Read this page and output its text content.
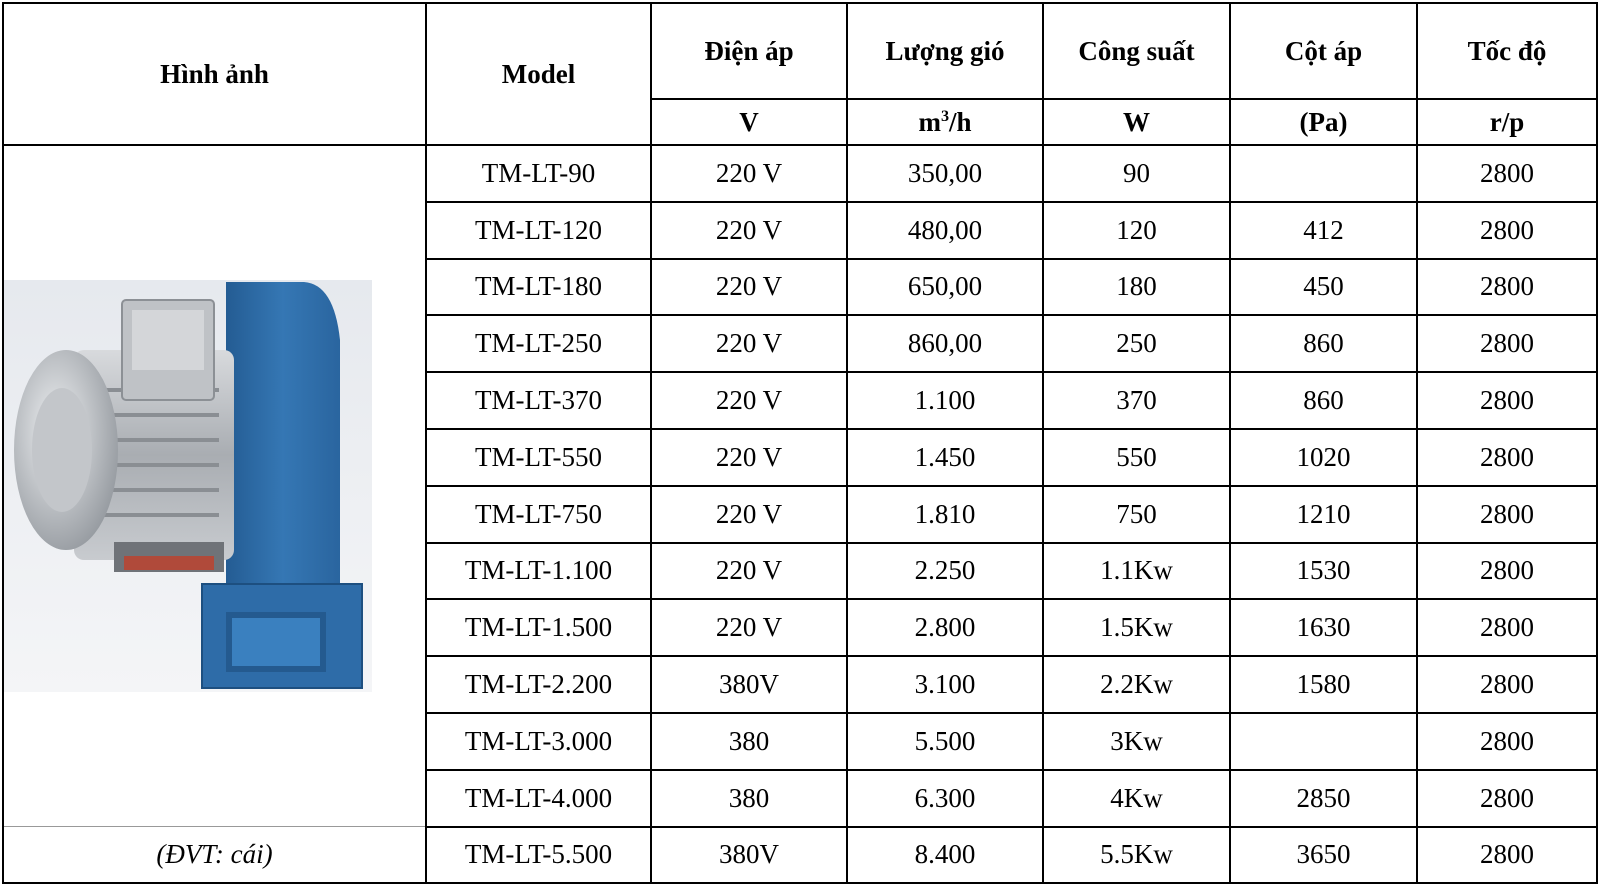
Hình ảnh	Model	Điện áp	Lượng gió	Công suất	Cột áp	Tốc độ
		V	$m^3/h$	W	(Pa)	r/p

	TM-LT-90	220 V	350,00	90		2800
	TM-LT-120	220 V	480,00	120	412	2800
	TM-LT-180	220 V	650,00	180	450	2800
	TM-LT-250	220 V	860,00	250	860	2800
	TM-LT-370	220 V	1.100	370	860	2800
	TM-LT-550	220 V	1.450	550	1020	2800
	TM-LT-750	220 V	1.810	750	1210	2800
	TM-LT-1.100	220 V	2.250	1.1Kw	1530	2800
	TM-LT-1.500	220 V	2.800	1.5Kw	1630	2800
	TM-LT-2.200	380V	3.100	2.2Kw	1580	2800
	TM-LT-3.000	380	5.500	3Kw		2800
	TM-LT-4.000	380	6.300	4Kw	2850	2800
(ĐVT: cái)	TM-LT-5.500	380V	8.400	5.5Kw	3650	2800
